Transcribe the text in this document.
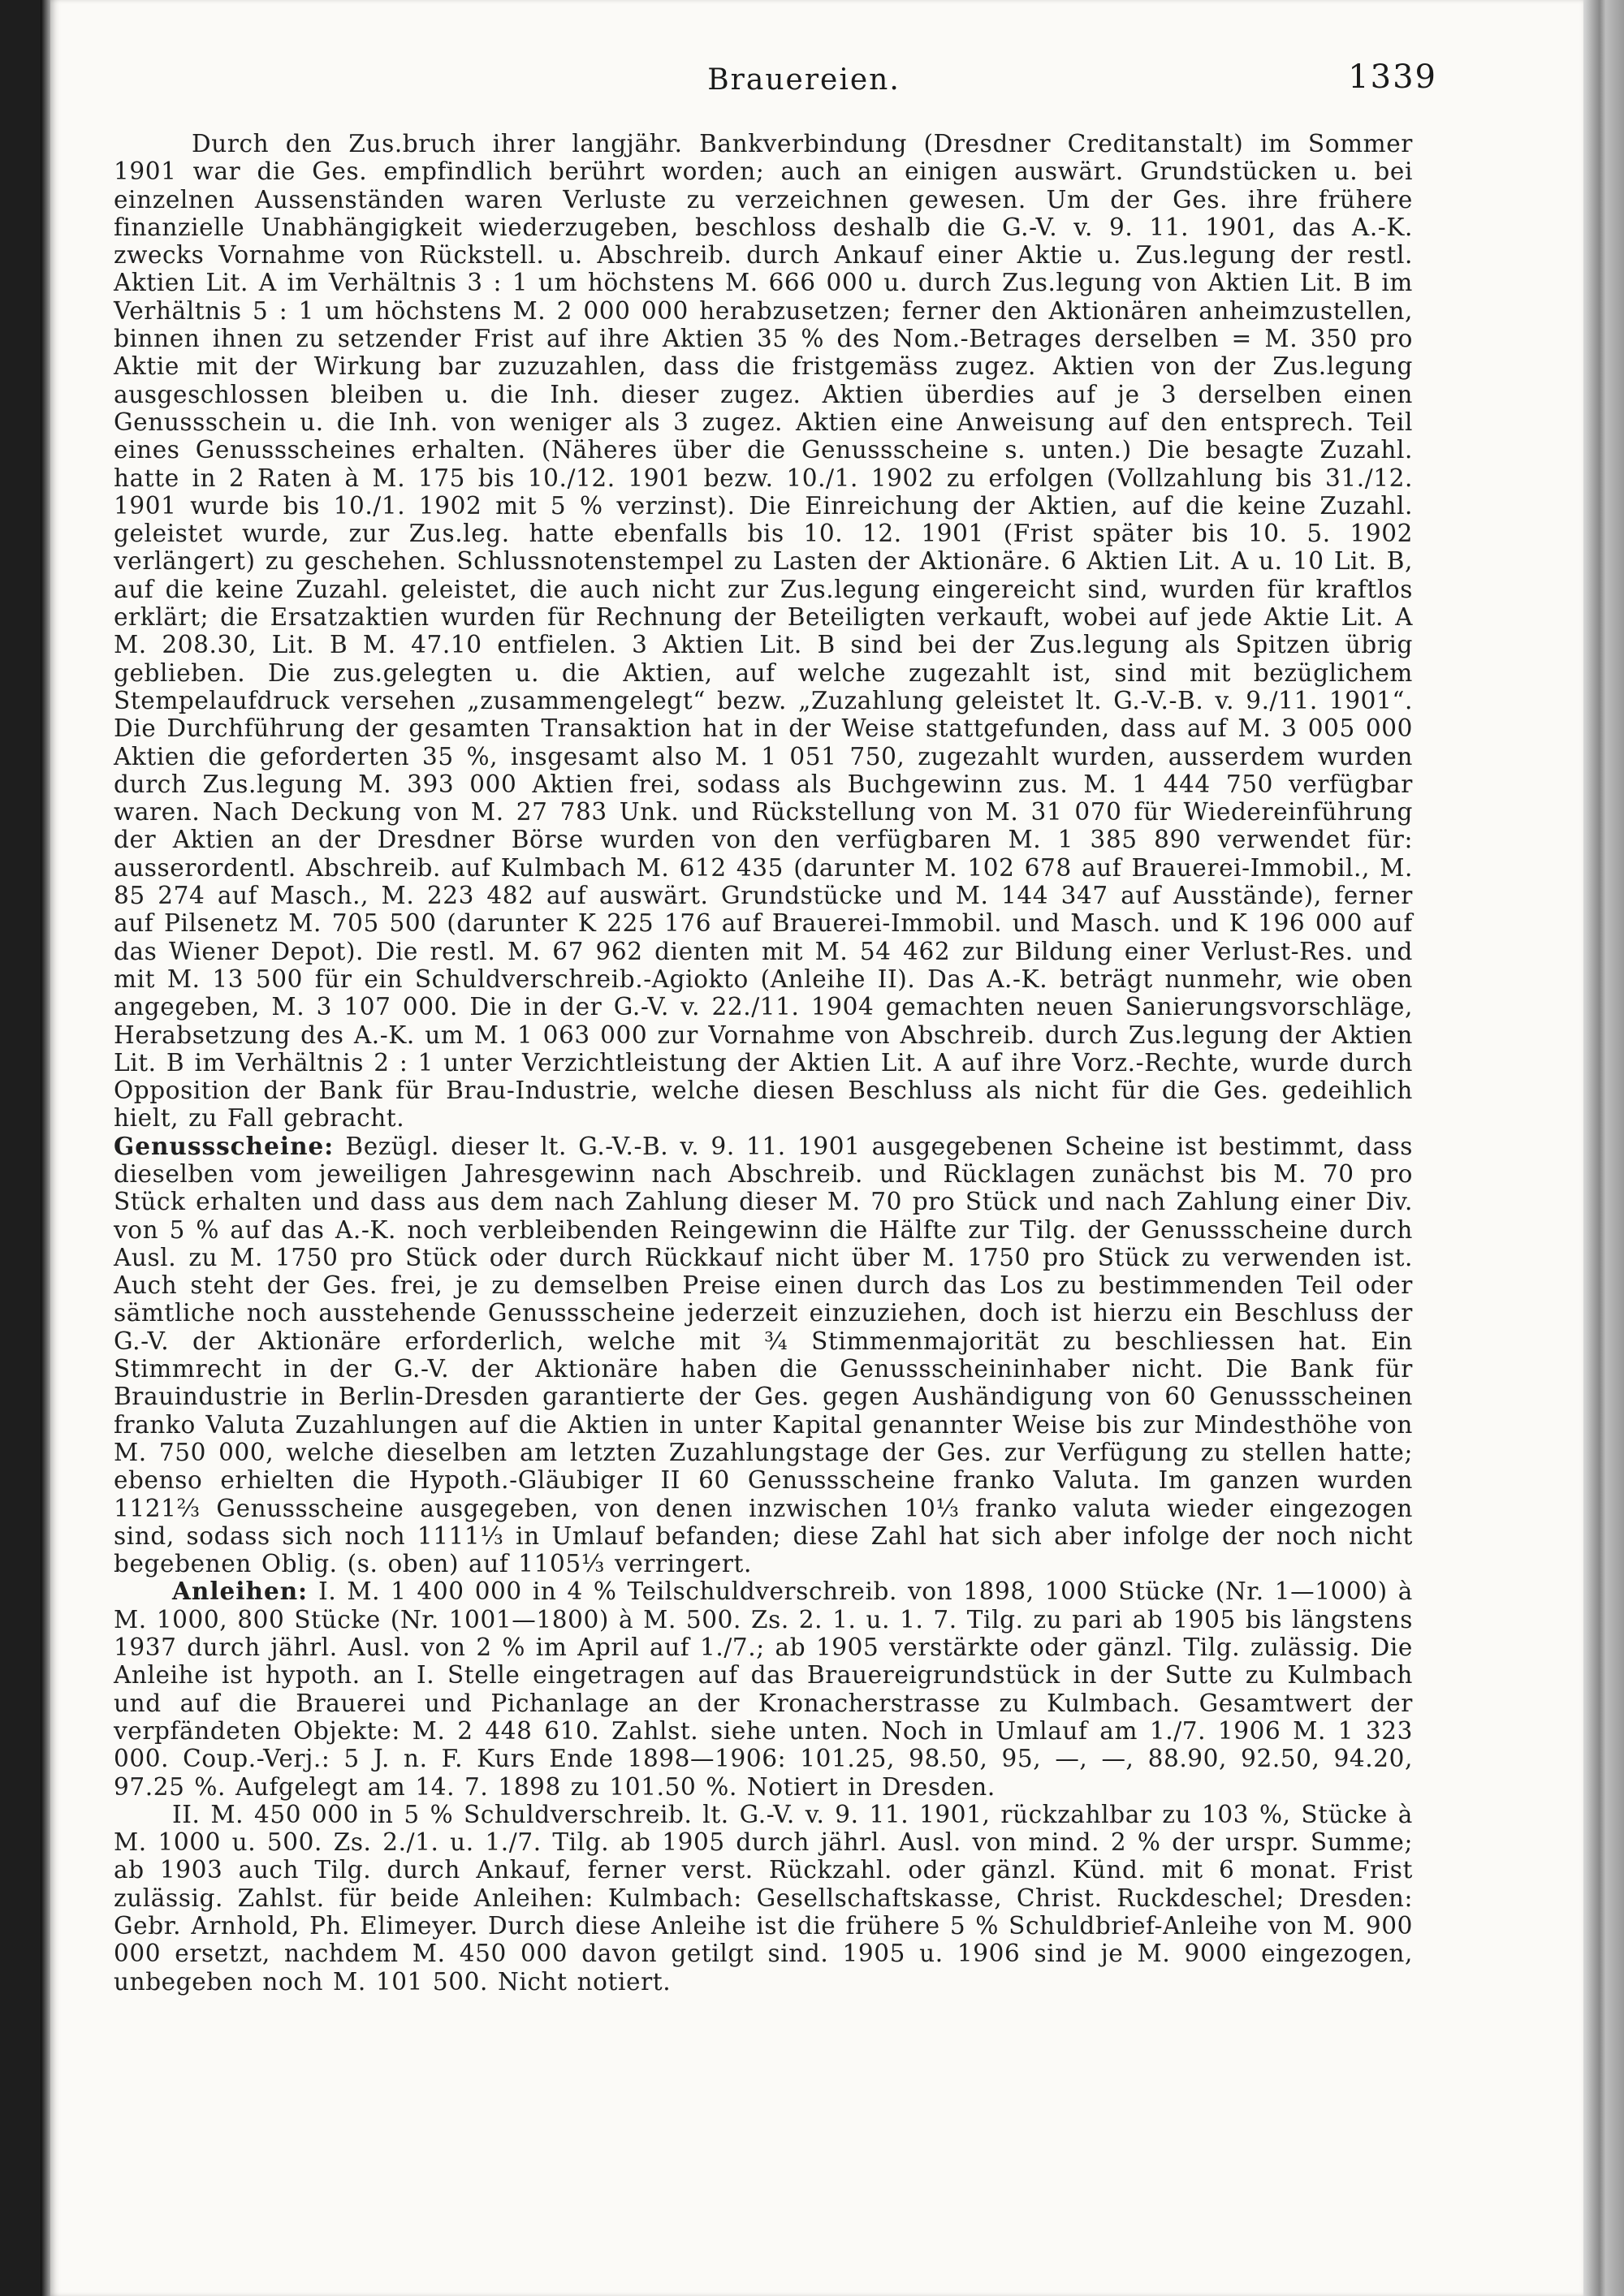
Brauereien.	1339

Durch den Zus.bruch ihrer langjähr. Bankverbindung (Dresdner Creditanstalt) im Sommer 1901 war die Ges. empfindlich berührt worden; auch an einigen auswärt. Grundstücken u. bei einzelnen Aussenständen waren Verluste zu verzeichnen gewesen. Um der Ges. ihre frühere finanzielle Unabhängigkeit wiederzugeben, beschloss deshalb die G.-V. v. 9. 11. 1901, das A.-K. zwecks Vornahme von Rückstell. u. Abschreib. durch Ankauf einer Aktie u. Zus.legung der restl. Aktien Lit. A im Verhältnis 3 : 1 um höchstens M. 666 000 u. durch Zus.legung von Aktien Lit. B im Verhältnis 5 : 1 um höchstens M. 2 000 000 herabzusetzen; ferner den Aktionären anheimzustellen, binnen ihnen zu setzender Frist auf ihre Aktien 35 % des Nom.-Betrages derselben = M. 350 pro Aktie mit der Wirkung bar zuzuzahlen, dass die fristgemäss zugez. Aktien von der Zus.legung ausgeschlossen bleiben u. die Inh. dieser zugez. Aktien überdies auf je 3 derselben einen Genussschein u. die Inh. von weniger als 3 zugez. Aktien eine Anweisung auf den entsprech. Teil eines Genussscheines erhalten. (Näheres über die Genussscheine s. unten.) Die besagte Zuzahl. hatte in 2 Raten à M. 175 bis 10./12. 1901 bezw. 10./1. 1902 zu erfolgen (Vollzahlung bis 31./12. 1901 wurde bis 10./1. 1902 mit 5 % verzinst). Die Einreichung der Aktien, auf die keine Zuzahl. geleistet wurde, zur Zus.leg. hatte ebenfalls bis 10. 12. 1901 (Frist später bis 10. 5. 1902 verlängert) zu geschehen. Schlussnotenstempel zu Lasten der Aktionäre. 6 Aktien Lit. A u. 10 Lit. B, auf die keine Zuzahl. geleistet, die auch nicht zur Zus.legung eingereicht sind, wurden für kraftlos erklärt; die Ersatzaktien wurden für Rechnung der Beteiligten verkauft, wobei auf jede Aktie Lit. A M. 208.30, Lit. B M. 47.10 entfielen. 3 Aktien Lit. B sind bei der Zus.legung als Spitzen übrig geblieben. Die zus.gelegten u. die Aktien, auf welche zugezahlt ist, sind mit bezüglichem Stempelaufdruck versehen „zusammengelegt“ bezw. „Zuzahlung geleistet lt. G.-V.-B. v. 9./11. 1901“. Die Durchführung der gesamten Transaktion hat in der Weise stattgefunden, dass auf M. 3 005 000 Aktien die geforderten 35 %, insgesamt also M. 1 051 750, zugezahlt wurden, ausserdem wurden durch Zus.legung M. 393 000 Aktien frei, sodass als Buchgewinn zus. M. 1 444 750 verfügbar waren. Nach Deckung von M. 27 783 Unk. und Rückstellung von M. 31 070 für Wiedereinführung der Aktien an der Dresdner Börse wurden von den verfügbaren M. 1 385 890 verwendet für: ausserordentl. Abschreib. auf Kulmbach M. 612 435 (darunter M. 102 678 auf Brauerei-Immobil., M. 85 274 auf Masch., M. 223 482 auf auswärt. Grundstücke und M. 144 347 auf Ausstände), ferner auf Pilsenetz M. 705 500 (darunter K 225 176 auf Brauerei-Immobil. und Masch. und K 196 000 auf das Wiener Depot). Die restl. M. 67 962 dienten mit M. 54 462 zur Bildung einer Verlust-Res. und mit M. 13 500 für ein Schuldverschreib.-Agiokto (Anleihe II). Das A.-K. beträgt nunmehr, wie oben angegeben, M. 3 107 000. Die in der G.-V. v. 22./11. 1904 gemachten neuen Sanierungsvorschläge, Herabsetzung des A.-K. um M. 1 063 000 zur Vornahme von Abschreib. durch Zus.legung der Aktien Lit. B im Verhältnis 2 : 1 unter Verzichtleistung der Aktien Lit. A auf ihre Vorz.-Rechte, wurde durch Opposition der Bank für Brau-Industrie, welche diesen Beschluss als nicht für die Ges. gedeihlich hielt, zu Fall gebracht.

Genussscheine: Bezügl. dieser lt. G.-V.-B. v. 9. 11. 1901 ausgegebenen Scheine ist bestimmt, dass dieselben vom jeweiligen Jahresgewinn nach Abschreib. und Rücklagen zunächst bis M. 70 pro Stück erhalten und dass aus dem nach Zahlung dieser M. 70 pro Stück und nach Zahlung einer Div. von 5 % auf das A.-K. noch verbleibenden Reingewinn die Hälfte zur Tilg. der Genussscheine durch Ausl. zu M. 1750 pro Stück oder durch Rückkauf nicht über M. 1750 pro Stück zu verwenden ist. Auch steht der Ges. frei, je zu demselben Preise einen durch das Los zu bestimmenden Teil oder sämtliche noch ausstehende Genussscheine jederzeit einzuziehen, doch ist hierzu ein Beschluss der G.-V. der Aktionäre erforderlich, welche mit ¾ Stimmenmajorität zu beschliessen hat. Ein Stimmrecht in der G.-V. der Aktionäre haben die Genussscheininhaber nicht. Die Bank für Brauindustrie in Berlin-Dresden garantierte der Ges. gegen Aushändigung von 60 Genussscheinen franko Valuta Zuzahlungen auf die Aktien in unter Kapital genannter Weise bis zur Mindesthöhe von M. 750 000, welche dieselben am letzten Zuzahlungstage der Ges. zur Verfügung zu stellen hatte; ebenso erhielten die Hypoth.-Gläubiger II 60 Genussscheine franko Valuta. Im ganzen wurden 1121⅔ Genussscheine ausgegeben, von denen inzwischen 10⅓ franko valuta wieder eingezogen sind, sodass sich noch 1111⅓ in Umlauf befanden; diese Zahl hat sich aber infolge der noch nicht begebenen Oblig. (s. oben) auf 1105⅓ verringert.

Anleihen: I. M. 1 400 000 in 4 % Teilschuldverschreib. von 1898, 1000 Stücke (Nr. 1—1000) à M. 1000, 800 Stücke (Nr. 1001—1800) à M. 500. Zs. 2. 1. u. 1. 7. Tilg. zu pari ab 1905 bis längstens 1937 durch jährl. Ausl. von 2 % im April auf 1./7.; ab 1905 verstärkte oder gänzl. Tilg. zulässig. Die Anleihe ist hypoth. an I. Stelle eingetragen auf das Brauereigrundstück in der Sutte zu Kulmbach und auf die Brauerei und Pichanlage an der Kronacherstrasse zu Kulmbach. Gesamtwert der verpfändeten Objekte: M. 2 448 610. Zahlst. siehe unten. Noch in Umlauf am 1./7. 1906 M. 1 323 000. Coup.-Verj.: 5 J. n. F. Kurs Ende 1898—1906: 101.25, 98.50, 95, —, —, 88.90, 92.50, 94.20, 97.25 %. Aufgelegt am 14. 7. 1898 zu 101.50 %. Notiert in Dresden.

II. M. 450 000 in 5 % Schuldverschreib. lt. G.-V. v. 9. 11. 1901, rückzahlbar zu 103 %, Stücke à M. 1000 u. 500. Zs. 2./1. u. 1./7. Tilg. ab 1905 durch jährl. Ausl. von mind. 2 % der urspr. Summe; ab 1903 auch Tilg. durch Ankauf, ferner verst. Rückzahl. oder gänzl. Künd. mit 6 monat. Frist zulässig. Zahlst. für beide Anleihen: Kulmbach: Gesellschaftskasse, Christ. Ruckdeschel; Dresden: Gebr. Arnhold, Ph. Elimeyer. Durch diese Anleihe ist die frühere 5 % Schuldbrief-Anleihe von M. 900 000 ersetzt, nachdem M. 450 000 davon getilgt sind. 1905 u. 1906 sind je M. 9000 eingezogen, unbegeben noch M. 101 500. Nicht notiert.
